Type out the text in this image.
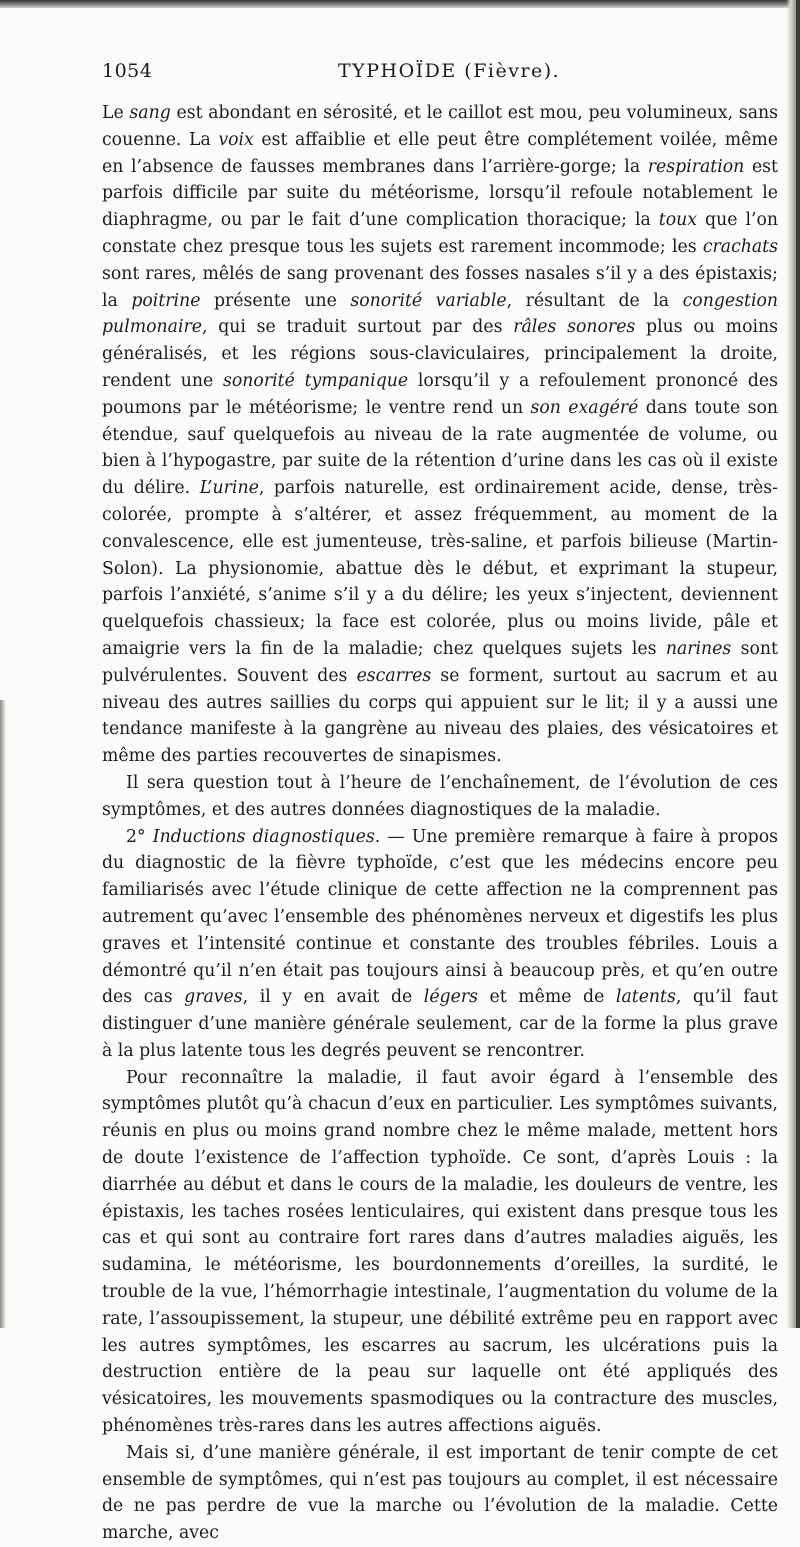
1054	TYPHOÏDE (Fièvre).

Le sang est abondant en sérosité, et le caillot est mou, peu volumineux, sans couenne. La voix est affaiblie et elle peut être complétement voilée, même en l’absence de fausses membranes dans l’arrière-gorge; la respiration est parfois difficile par suite du météorisme, lorsqu’il refoule notablement le diaphragme, ou par le fait d’une complication thoracique; la toux que l’on constate chez presque tous les sujets est rarement incommode; les crachats sont rares, mêlés de sang provenant des fosses nasales s’il y a des épistaxis; la poitrine présente une sonorité variable, résultant de la congestion pulmonaire, qui se traduit surtout par des râles sonores plus ou moins généralisés, et les régions sous-claviculaires, principalement la droite, rendent une sonorité tympanique lorsqu’il y a refoulement prononcé des poumons par le météorisme; le ventre rend un son exagéré dans toute son étendue, sauf quelquefois au niveau de la rate augmentée de volume, ou bien à l’hypogastre, par suite de la rétention d’urine dans les cas où il existe du délire. L’urine, parfois naturelle, est ordinairement acide, dense, très-colorée, prompte à s’altérer, et assez fréquemment, au moment de la convalescence, elle est jumenteuse, très-saline, et parfois bilieuse (Martin-Solon). La physionomie, abattue dès le début, et exprimant la stupeur, parfois l’anxiété, s’anime s’il y a du délire; les yeux s’injectent, deviennent quelquefois chassieux; la face est colorée, plus ou moins livide, pâle et amaigrie vers la fin de la maladie; chez quelques sujets les narines sont pulvérulentes. Souvent des escarres se forment, surtout au sacrum et au niveau des autres saillies du corps qui appuient sur le lit; il y a aussi une tendance manifeste à la gangrène au niveau des plaies, des vésicatoires et même des parties recouvertes de sinapismes.

Il sera question tout à l’heure de l’enchaînement, de l’évolution de ces symptômes, et des autres données diagnostiques de la maladie.

2° Inductions diagnostiques. — Une première remarque à faire à propos du diagnostic de la fièvre typhoïde, c’est que les médecins encore peu familiarisés avec l’étude clinique de cette affection ne la comprennent pas autrement qu’avec l’ensemble des phénomènes nerveux et digestifs les plus graves et l’intensité continue et constante des troubles fébriles. Louis a démontré qu’il n’en était pas toujours ainsi à beaucoup près, et qu’en outre des cas graves, il y en avait de légers et même de latents, qu’il faut distinguer d’une manière générale seulement, car de la forme la plus grave à la plus latente tous les degrés peuvent se rencontrer.

Pour reconnaître la maladie, il faut avoir égard à l’ensemble des symptômes plutôt qu’à chacun d’eux en particulier. Les symptômes suivants, réunis en plus ou moins grand nombre chez le même malade, mettent hors de doute l’existence de l’affection typhoïde. Ce sont, d’après Louis : la diarrhée au début et dans le cours de la maladie, les douleurs de ventre, les épistaxis, les taches rosées lenticulaires, qui existent dans presque tous les cas et qui sont au contraire fort rares dans d’autres maladies aiguës, les sudamina, le météorisme, les bourdonnements d’oreilles, la surdité, le trouble de la vue, l’hémorrhagie intestinale, l’augmentation du volume de la rate, l’assoupissement, la stupeur, une débilité extrême peu en rapport avec les autres symptômes, les escarres au sacrum, les ulcérations puis la destruction entière de la peau sur laquelle ont été appliqués des vésicatoires, les mouvements spasmodiques ou la contracture des muscles, phénomènes très-rares dans les autres affections aiguës.

Mais si, d’une manière générale, il est important de tenir compte de cet ensemble de symptômes, qui n’est pas toujours au complet, il est nécessaire de ne pas perdre de vue la marche ou l’évolution de la maladie. Cette marche, avec
